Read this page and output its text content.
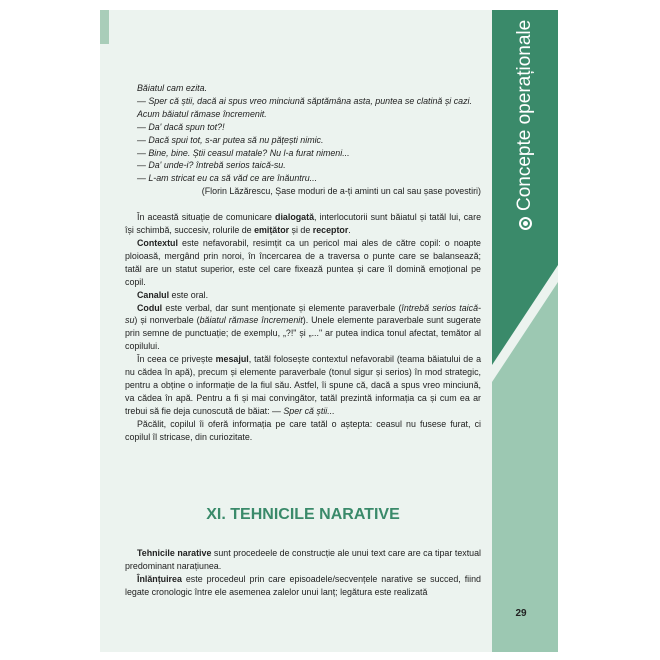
Concepte operaționale

Băiatul cam ezita.

— Sper că știi, dacă ai spus vreo minciună săptămâna asta, puntea se clatină și cazi.

Acum băiatul rămase încremenit.

— Da' dacă spun tot?!

— Dacă spui tot, s-ar putea să nu pățești nimic.

— Bine, bine. Știi ceasul matale? Nu l-a furat nimeni...

— Da' unde-i? întrebă serios taică-su.

— L-am stricat eu ca să văd ce are înăuntru...

(Florin Lăzărescu, Șase moduri de a-ți aminti un cal sau șase povestiri)

În această situație de comunicare dialogată, interlocutorii sunt băiatul și tatăl lui, care își schimbă, succesiv, rolurile de emițător și de receptor.

Contextul este nefavorabil, resimțit ca un pericol mai ales de către copil: o noapte ploioasă, mergând prin noroi, în încercarea de a traversa o punte care se balansează; tatăl are un statut superior, este cel care fixează puntea și care îl domină emoțional pe copil.

Canalul este oral.

Codul este verbal, dar sunt menționate și elemente paraverbale (întrebă serios taică-su) și nonverbale (băiatul rămase încremenit). Unele elemente paraverbale sunt sugerate prin semne de punctuație; de exemplu, „?!" și „..." ar putea indica tonul afectat, temător al copilului.

În ceea ce privește mesajul, tatăl folosește contextul nefavorabil (teama băiatului de a nu cădea în apă), precum și elemente paraverbale (tonul sigur și serios) în mod strategic, pentru a obține o informație de la fiul său. Astfel, îi spune că, dacă a spus vreo minciună, va cădea în apă. Pentru a fi și mai convingător, tatăl prezintă informația ca și cum ea ar trebui să fie deja cunoscută de băiat: — Sper că știi...

Păcălit, copilul îi oferă informația pe care tatăl o aștepta: ceasul nu fusese furat, ci copilul îl stricase, din curiozitate.

XI. TEHNICILE NARATIVE

Tehnicile narative sunt procedeele de construcție ale unui text care are ca tipar textual predominant narațiunea.

Înlănțuirea este procedeul prin care episoadele/secvențele narative se succed, fiind legate cronologic între ele asemenea zalelor unui lanț; legătura este realizată

29
